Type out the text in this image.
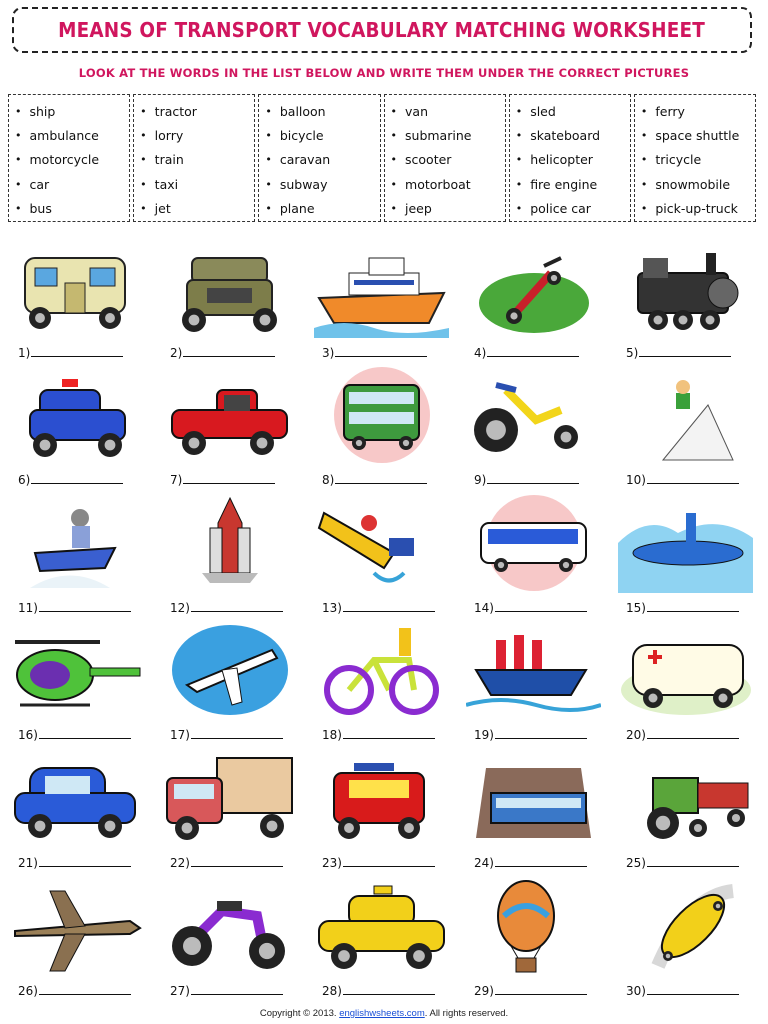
MEANS OF TRANSPORT VOCABULARY MATCHING WORKSHEET
LOOK AT THE WORDS IN THE LIST BELOW AND WRITE THEM UNDER THE CORRECT PICTURES
• ship
• ambulance
• motorcycle
• car
• bus
• tractor
• lorry
• train
• taxi
• jet
• balloon
• bicycle
• caravan
• subway
• plane
• van
• submarine
• scooter
• motorboat
• jeep
• sled
• skateboard
• helicopter
• fire engine
• police car
• ferry
• space shuttle
• tricycle
• snowmobile
• pick-up-truck
1)	2)	3)	4)	5)
6)	7)	8)	9)	10)
11)	12)	13)	14)	15)
16)	17)	18)	19)	20)
21)	22)	23)	24)	25)
26)	27)	28)	29)	30)
Copyright © 2013. englishwsheets.com. All rights reserved.
